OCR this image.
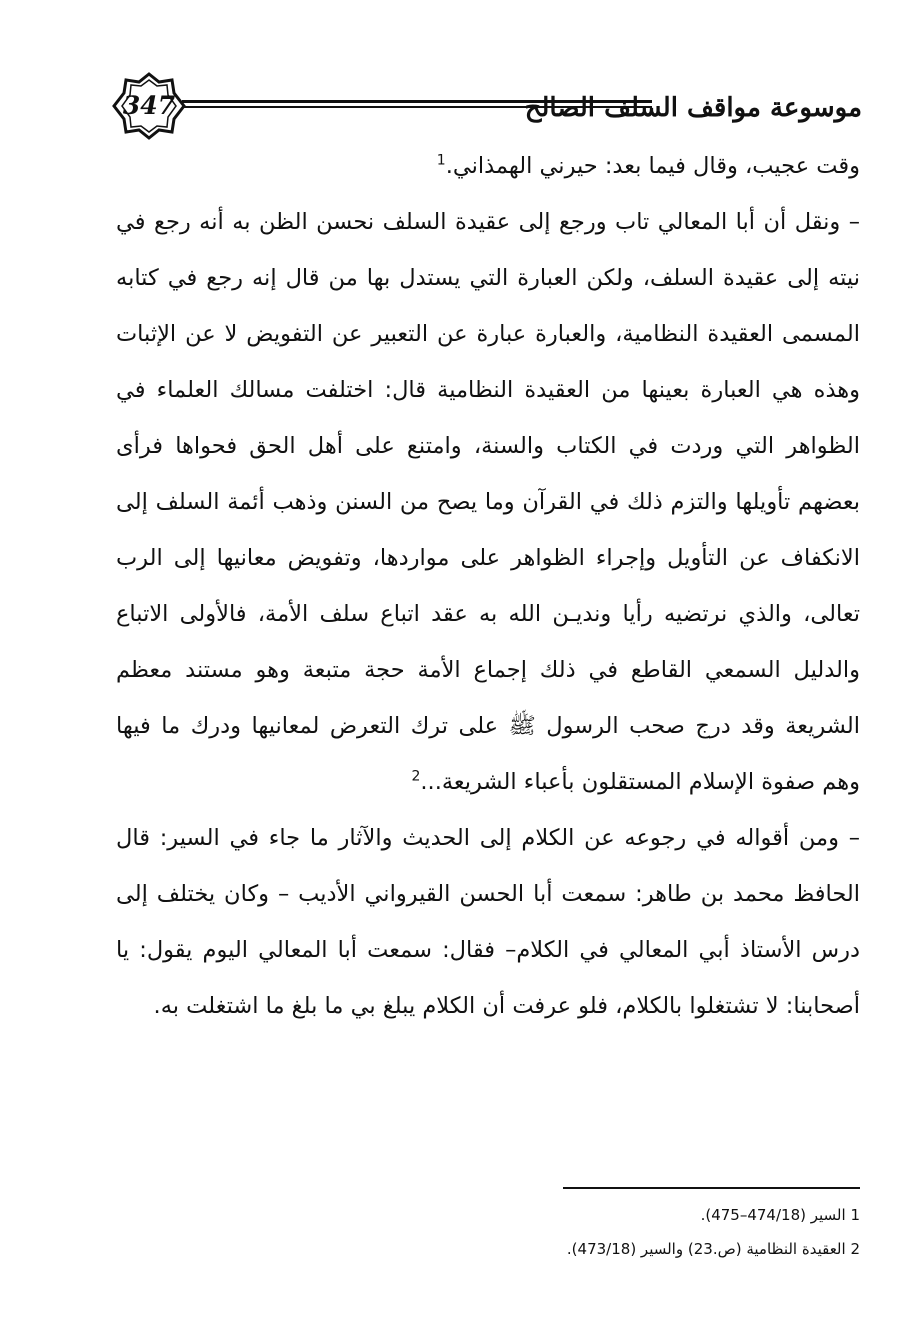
347	موسوعة مواقف السلف الصالح

وقت عجيب، وقال فيما بعد: حيرني الهمذاني.$^1$

– ونقل أن أبا المعالي تاب ورجع إلى عقيدة السلف نحسن الظن به أنه رجع في نيته إلى عقيدة السلف، ولكن العبارة التي يستدل بها من قال إنه رجع في كتابه المسمى العقيدة النظامية، والعبارة عبارة عن التعبير عن التفويض لا عن الإثبات وهذه هي العبارة بعينها من العقيدة النظامية قال: اختلفت مسالك العلماء في الظواهر التي وردت في الكتاب والسنة، وامتنع على أهل الحق فحواها فرأى بعضهم تأويلها والتزم ذلك في القرآن وما يصح من السنن وذهب أئمة السلف إلى الانكفاف عن التأويل وإجراء الظواهر على مواردها، وتفويض معانيها إلى الرب تعالى، والذي نرتضيه رأيا ونديـن الله به عقد اتباع سلف الأمة، فالأولى الاتباع والدليل السمعي القاطع في ذلك إجماع الأمة حجة متبعة وهو مستند معظم الشريعة وقد درج صحب الرسول ﷺ على ترك التعرض لمعانيها ودرك ما فيها وهم صفوة الإسلام المستقلون بأعباء الشريعة...$^2$

– ومن أقواله في رجوعه عن الكلام إلى الحديث والآثار ما جاء في السير: قال الحافظ محمد بن طاهر: سمعت أبا الحسن القيرواني الأديب – وكان يختلف إلى درس الأستاذ أبي المعالي في الكلام– فقال: سمعت أبا المعالي اليوم يقول: يا أصحابنا: لا تشتغلوا بالكلام، فلو عرفت أن الكلام يبلغ بي ما بلغ ما اشتغلت به.

1 السير (474/18–475).
2 العقيدة النظامية (ص.23) والسير (473/18).
